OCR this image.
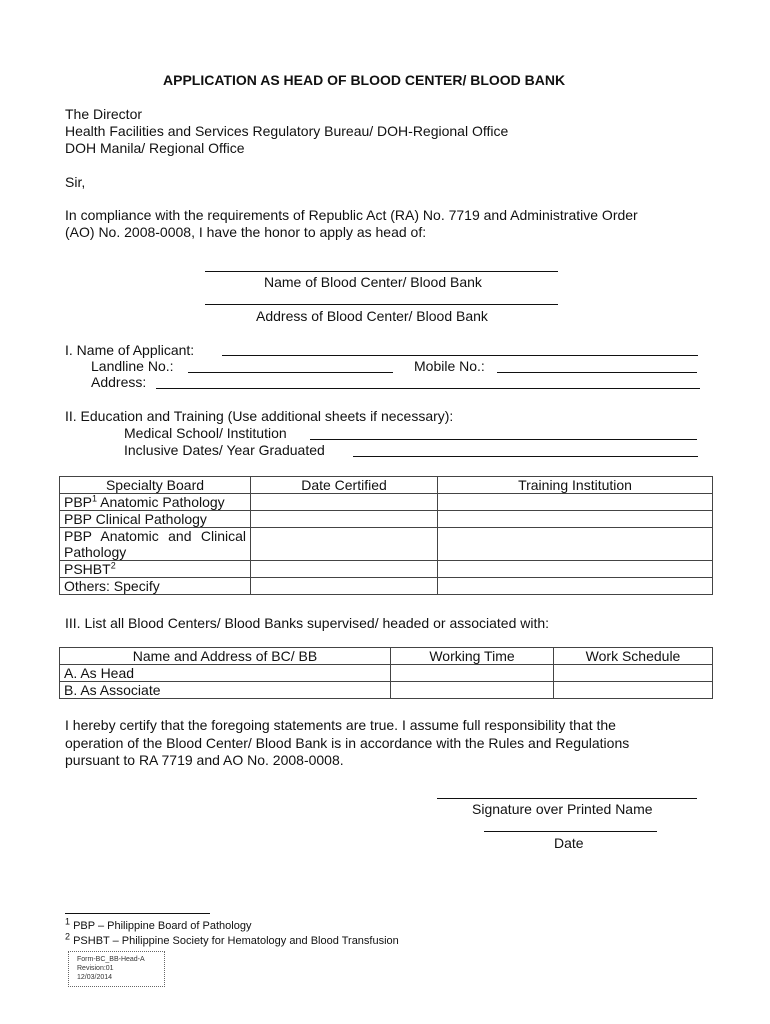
APPLICATION AS HEAD OF BLOOD CENTER/ BLOOD BANK
The Director
Health Facilities and Services Regulatory Bureau/ DOH-Regional Office
DOH Manila/ Regional Office
Sir,
In compliance with the requirements of Republic Act (RA) No. 7719 and Administrative Order
(AO) No. 2008-0008, I have the honor to apply as head of:
Name of Blood Center/ Blood Bank
Address of Blood Center/ Blood Bank
I. Name of Applicant:
Landline No.:	Mobile No.:
Address:
II. Education and Training (Use additional sheets if necessary):
Medical School/ Institution
Inclusive Dates/ Year Graduated
Specialty Board	Date Certified	Training Institution
PBP$^1$ Anatomic Pathology		
PBP Clinical Pathology		
PBP Anatomic and Clinical Pathology		
PSHBT$^2$		
Others: Specify		
III. List all Blood Centers/ Blood Banks supervised/ headed or associated with:
Name and Address of BC/ BB	Working Time	Work Schedule
A. As Head		
B. As Associate		
I hereby certify that the foregoing statements are true. I assume full responsibility that the
operation of the Blood Center/ Blood Bank is in accordance with the Rules and Regulations
pursuant to RA 7719 and AO No. 2008-0008.
Signature over Printed Name
Date
$^1$ PBP – Philippine Board of Pathology
$^2$ PSHBT – Philippine Society for Hematology and Blood Transfusion
Form-BC_BB-Head-A
Revision:01
12/03/2014
